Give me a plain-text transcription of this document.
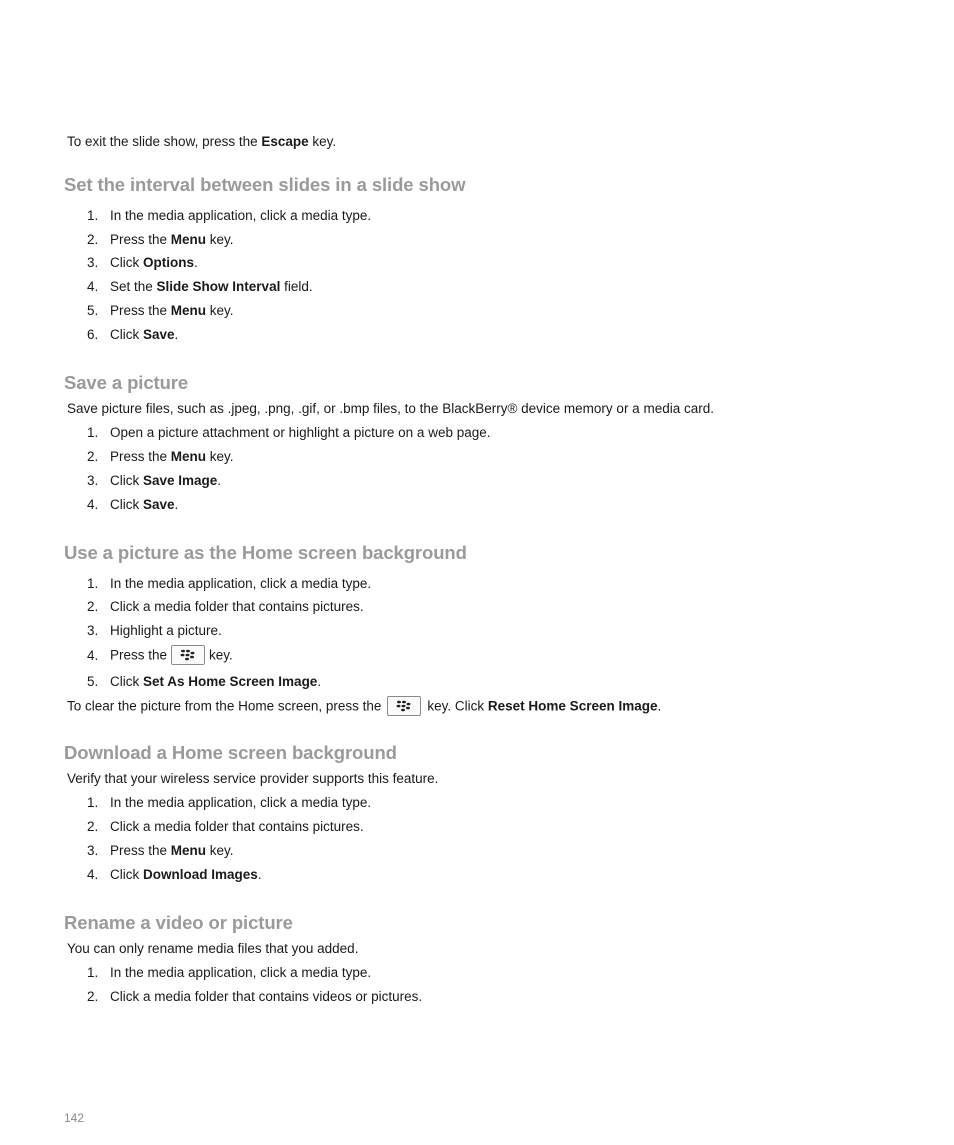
To exit the slide show, press the Escape key.
Set the interval between slides in a slide show
1. In the media application, click a media type.
2. Press the Menu key.
3. Click Options.
4. Set the Slide Show Interval field.
5. Press the Menu key.
6. Click Save.
Save a picture
Save picture files, such as .jpeg, .png, .gif, or .bmp files, to the BlackBerry® device memory or a media card.
1. Open a picture attachment or highlight a picture on a web page.
2. Press the Menu key.
3. Click Save Image.
4. Click Save.
Use a picture as the Home screen background
1. In the media application, click a media type.
2. Click a media folder that contains pictures.
3. Highlight a picture.
4. Press the	key.
5. Click Set As Home Screen Image.
To clear the picture from the Home screen, press the	key. Click Reset Home Screen Image.
Download a Home screen background
Verify that your wireless service provider supports this feature.
1. In the media application, click a media type.
2. Click a media folder that contains pictures.
3. Press the Menu key.
4. Click Download Images.
Rename a video or picture
You can only rename media files that you added.
1. In the media application, click a media type.
2. Click a media folder that contains videos or pictures.
142
